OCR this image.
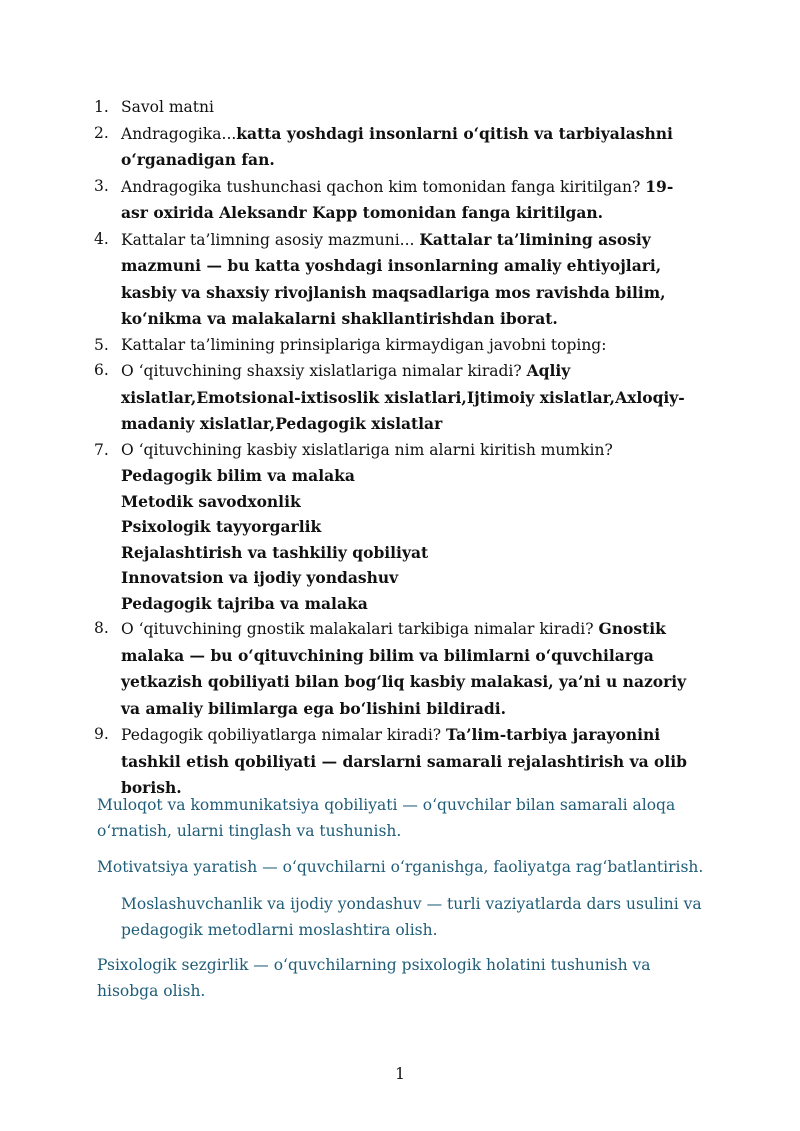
1. Savol matni
2. Andragogika...katta yoshdagi insonlarni oʻqitish va tarbiyalashni oʻrganadigan fan.
3. Andragogika tushunchasi qachon kim tomonidan fanga kiritilgan? 19-asr oxirida Aleksandr Kapp tomonidan fanga kiritilgan.
4. Kattalar ta’limning asosiy mazmuni... Kattalar ta’limining asosiy mazmuni — bu katta yoshdagi insonlarning amaliy ehtiyojlari, kasbiy va shaxsiy rivojlanish maqsadlariga mos ravishda bilim, koʻnikma va malakalarni shakllantirishdan iborat.
5. Kattalar ta’limining prinsiplariga kirmaydigan javobni toping:
6. O ‘qituvchining shaxsiy xislatlariga nimalar kiradi? Aqliy xislatlar,Emotsional-ixtisoslik xislatlari,Ijtimoiy xislatlar,Axloqiy-madaniy xislatlar,Pedagogik xislatlar
7. O ‘qituvchining kasbiy xislatlariga nim alarni kiritish mumkin?
Pedagogik bilim va malaka
Metodik savodxonlik
Psixologik tayyorgarlik
Rejalashtirish va tashkiliy qobiliyat
Innovatsion va ijodiy yondashuv
Pedagogik tajriba va malaka
8. O ‘qituvchining gnostik malakalari tarkibiga nimalar kiradi? Gnostik malaka — bu oʻqituvchining bilim va bilimlarni oʻquvchilarga yetkazish qobiliyati bilan bogʻliq kasbiy malakasi, ya’ni u nazoriy va amaliy bilimlarga ega boʻlishini bildiradi.
9. Pedagogik qobiliyatlarga nimalar kiradi? Ta’lim-tarbiya jarayonini tashkil etish qobiliyati — darslarni samarali rejalashtirish va olib borish.

Muloqot va kommunikatsiya qobiliyati — oʻquvchilar bilan samarali aloqa oʻrnatish, ularni tinglash va tushunish.

Motivatsiya yaratish — oʻquvchilarni oʻrganishga, faoliyatga ragʻbatlantirish.

Moslashuvchanlik va ijodiy yondashuv — turli vaziyatlarda dars usulini va pedagogik metodlarni moslashtira olish.

Psixologik sezgirlik — oʻquvchilarning psixologik holatini tushunish va hisobga olish.

1
